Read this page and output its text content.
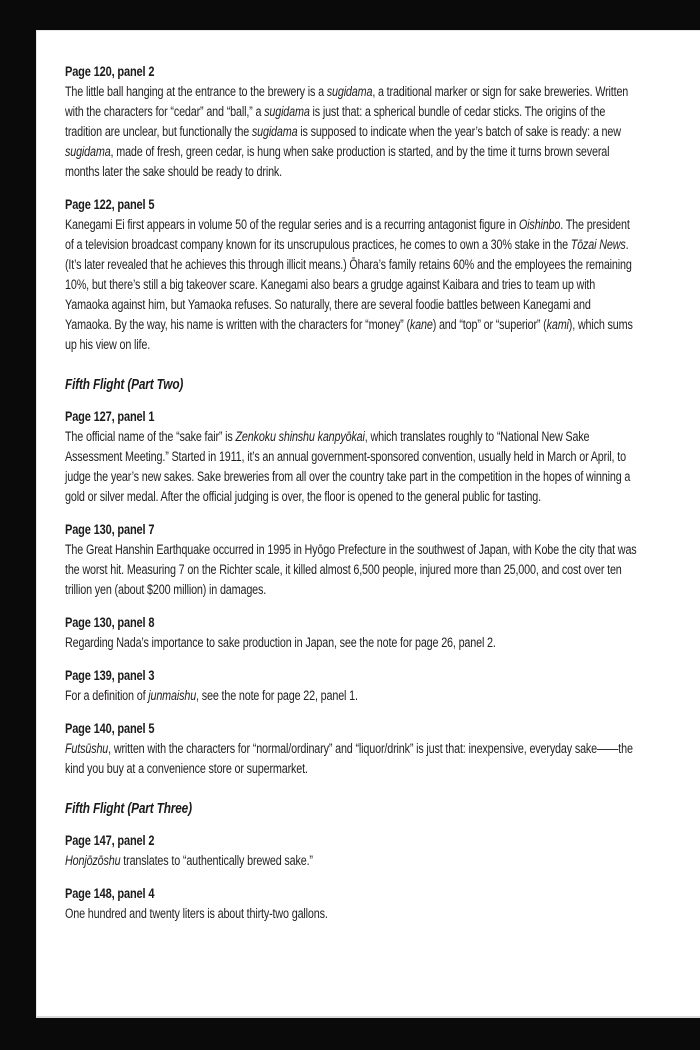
Page 120, panel 2

The little ball hanging at the entrance to the brewery is a sugidama, a traditional marker or sign for sake breweries. Written with the characters for “cedar” and “ball,” a sugidama is just that: a spherical bundle of cedar sticks. The origins of the tradition are unclear, but functionally the sugidama is supposed to indicate when the year’s batch of sake is ready: a new sugidama, made of fresh, green cedar, is hung when sake production is started, and by the time it turns brown several months later the sake should be ready to drink.

Page 122, panel 5

Kanegami Ei first appears in volume 50 of the regular series and is a recurring antagonist figure in Oishinbo. The president of a television broadcast company known for its unscrupulous practices, he comes to own a 30% stake in the Tōzai News. (It’s later revealed that he achieves this through illicit means.) Ōhara’s family retains 60% and the employees the remaining 10%, but there’s still a big takeover scare. Kanegami also bears a grudge against Kaibara and tries to team up with Yamaoka against him, but Yamaoka refuses. So naturally, there are several foodie battles between Kanegami and Yamaoka. By the way, his name is written with the characters for “money” (kane) and “top” or “superior” (kami), which sums up his view on life.

Fifth Flight (Part Two)
Page 127, panel 1

The official name of the “sake fair” is Zenkoku shinshu kanpyōkai, which translates roughly to “National New Sake Assessment Meeting.” Started in 1911, it’s an annual government-sponsored convention, usually held in March or April, to judge the year’s new sakes. Sake breweries from all over the country take part in the competition in the hopes of winning a gold or silver medal. After the official judging is over, the floor is opened to the general public for tasting.

Page 130, panel 7

The Great Hanshin Earthquake occurred in 1995 in Hyōgo Prefecture in the southwest of Japan, with Kobe the city that was the worst hit. Measuring 7 on the Richter scale, it killed almost 6,500 people, injured more than 25,000, and cost over ten trillion yen (about $200 million) in damages.

Page 130, panel 8

Regarding Nada’s importance to sake production in Japan, see the note for page 26, panel 2.

Page 139, panel 3

For a definition of junmaishu, see the note for page 22, panel 1.

Page 140, panel 5

Futsūshu, written with the characters for “normal/ordinary” and “liquor/drink” is just that: inexpensive, everyday sake——the kind you buy at a convenience store or supermarket.

Fifth Flight (Part Three)
Page 147, panel 2

Honjōzōshu translates to “authentically brewed sake.”

Page 148, panel 4

One hundred and twenty liters is about thirty-two gallons.
